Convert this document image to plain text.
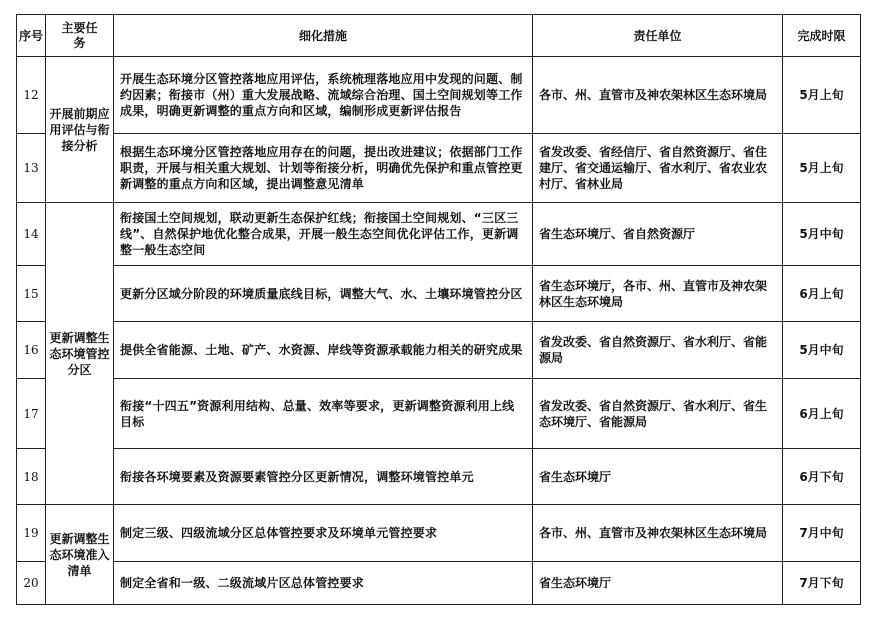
序号	主要任务	细化措施	责任单位	完成时限
12	开展前期应用评估与衔接分析	开展生态环境分区管控落地应用评估，系统梳理落地应用中发现的问题、制约因素；衔接市（州）重大发展战略、流域综合治理、国土空间规划等工作成果，明确更新调整的重点方向和区域，编制形成更新评估报告	各市、州、直管市及神农架林区生态环境局	5月上旬
13		根据生态环境分区管控落地应用存在的问题，提出改进建议；依据部门工作职责，开展与相关重大规划、计划等衔接分析，明确优先保护和重点管控更新调整的重点方向和区域，提出调整意见清单	省发改委、省经信厅、省自然资源厅、省住建厅、省交通运输厅、省水利厅、省农业农村厅、省林业局	5月上旬
14	更新调整生态环境管控分区	衔接国土空间规划，联动更新生态保护红线；衔接国土空间规划、“三区三线”、自然保护地优化整合成果，开展一般生态空间优化评估工作，更新调整一般生态空间	省生态环境厅、省自然资源厅	5月中旬
15		更新分区域分阶段的环境质量底线目标，调整大气、水、土壤环境管控分区	省生态环境厅，各市、州、直管市及神农架林区生态环境局	6月上旬
16		提供全省能源、土地、矿产、水资源、岸线等资源承载能力相关的研究成果	省发改委、省自然资源厅、省水利厅、省能源局	5月中旬
17		衔接“十四五”资源利用结构、总量、效率等要求，更新调整资源利用上线目标	省发改委、省自然资源厅、省水利厅、省生态环境厅、省能源局	6月上旬
18		衔接各环境要素及资源要素管控分区更新情况，调整环境管控单元	省生态环境厅	6月下旬
19	更新调整生态环境准入清单	制定三级、四级流域分区总体管控要求及环境单元管控要求	各市、州、直管市及神农架林区生态环境局	7月中旬
20		制定全省和一级、二级流域片区总体管控要求	省生态环境厅	7月下旬
